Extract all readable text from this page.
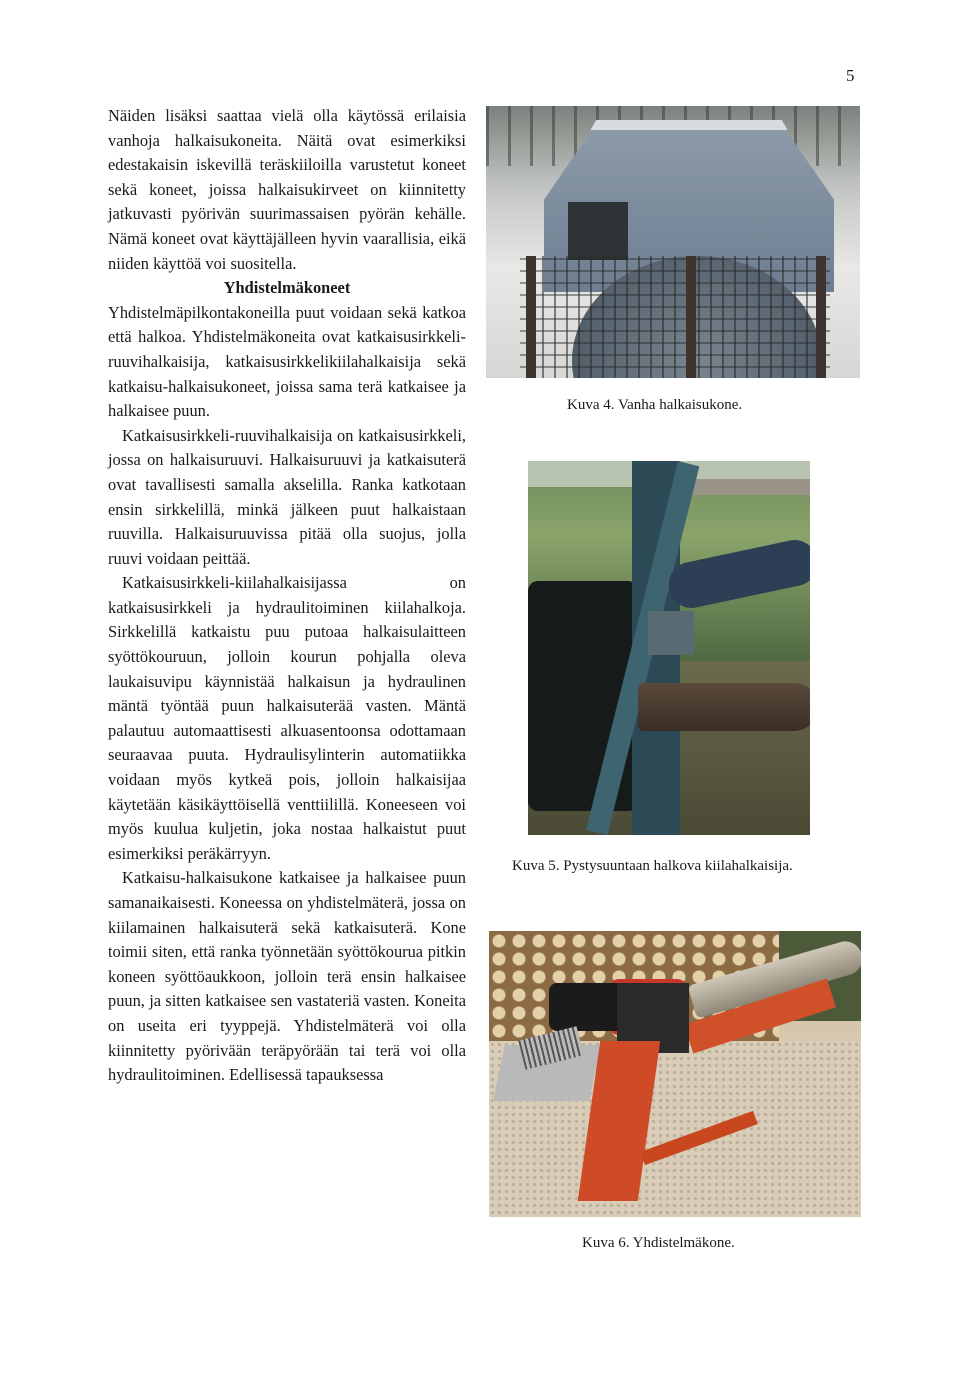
5

Näiden lisäksi saattaa vielä olla käytössä erilaisia vanhoja halkaisukoneita. Näitä ovat esimerkiksi edestakaisin iskevillä teräskiiloilla varustetut koneet sekä koneet, joissa halkaisukirveet on kiinnitetty jatkuvasti pyörivän suurimassaisen pyörän kehälle. Nämä koneet ovat käyttäjälleen hyvin vaarallisia, eikä niiden käyttöä voi suositella.

Yhdistelmäkoneet

Yhdistelmäpilkontakoneilla puut voidaan sekä katkoa että halkoa. Yhdistelmäkoneita ovat katkaisusirkkeli-ruuvihalkaisija, katkaisusirkkelikiilahalkaisija sekä katkaisu-halkaisukoneet, joissa sama terä katkaisee ja halkaisee puun.

Katkaisusirkkeli-ruuvihalkaisija on katkaisusirkkeli, jossa on halkaisuruuvi. Halkaisuruuvi ja katkaisuterä ovat tavallisesti samalla akselilla. Ranka katkotaan ensin sirkkelillä, minkä jälkeen puut halkaistaan ruuvilla. Halkaisuruuvissa pitää olla suojus, jolla ruuvi voidaan peittää.

Katkaisusirkkeli-kiilahalkaisijassa on katkaisusirkkeli ja hydraulitoiminen kiilahalkoja. Sirkkelillä katkaistu puu putoaa halkaisulaitteen syöttökouruun, jolloin kourun pohjalla oleva laukaisuvipu käynnistää halkaisun ja hydraulinen mäntä työntää puun halkaisuterää vasten. Mäntä palautuu automaattisesti alkuasentoonsa odottamaan seuraavaa puuta. Hydraulisylinterin automatiikka voidaan myös kytkeä pois, jolloin halkaisijaa käytetään käsikäyttöisellä venttiilillä. Koneeseen voi myös kuulua kuljetin, joka nostaa halkaistut puut esimerkiksi peräkärryyn.

Katkaisu-halkaisukone katkaisee ja halkaisee puun samanaikaisesti. Koneessa on yhdistelmäterä, jossa on kiilamainen halkaisuterä sekä katkaisuterä. Kone toimii siten, että ranka työnnetään syöttökourua pitkin koneen syöttöaukkoon, jolloin terä ensin halkaisee puun, ja sitten katkaisee sen vastateriä vasten. Koneita on useita eri tyyppejä. Yhdistelmäterä voi olla kiinnitetty pyörivään teräpyörään tai terä voi olla hydraulitoiminen. Edellisessä tapauksessa

Kuva 4. Vanha halkaisukone.
Kuva 5. Pystysuuntaan halkova kiilahalkaisija.
Kuva 6. Yhdistelmäkone.
